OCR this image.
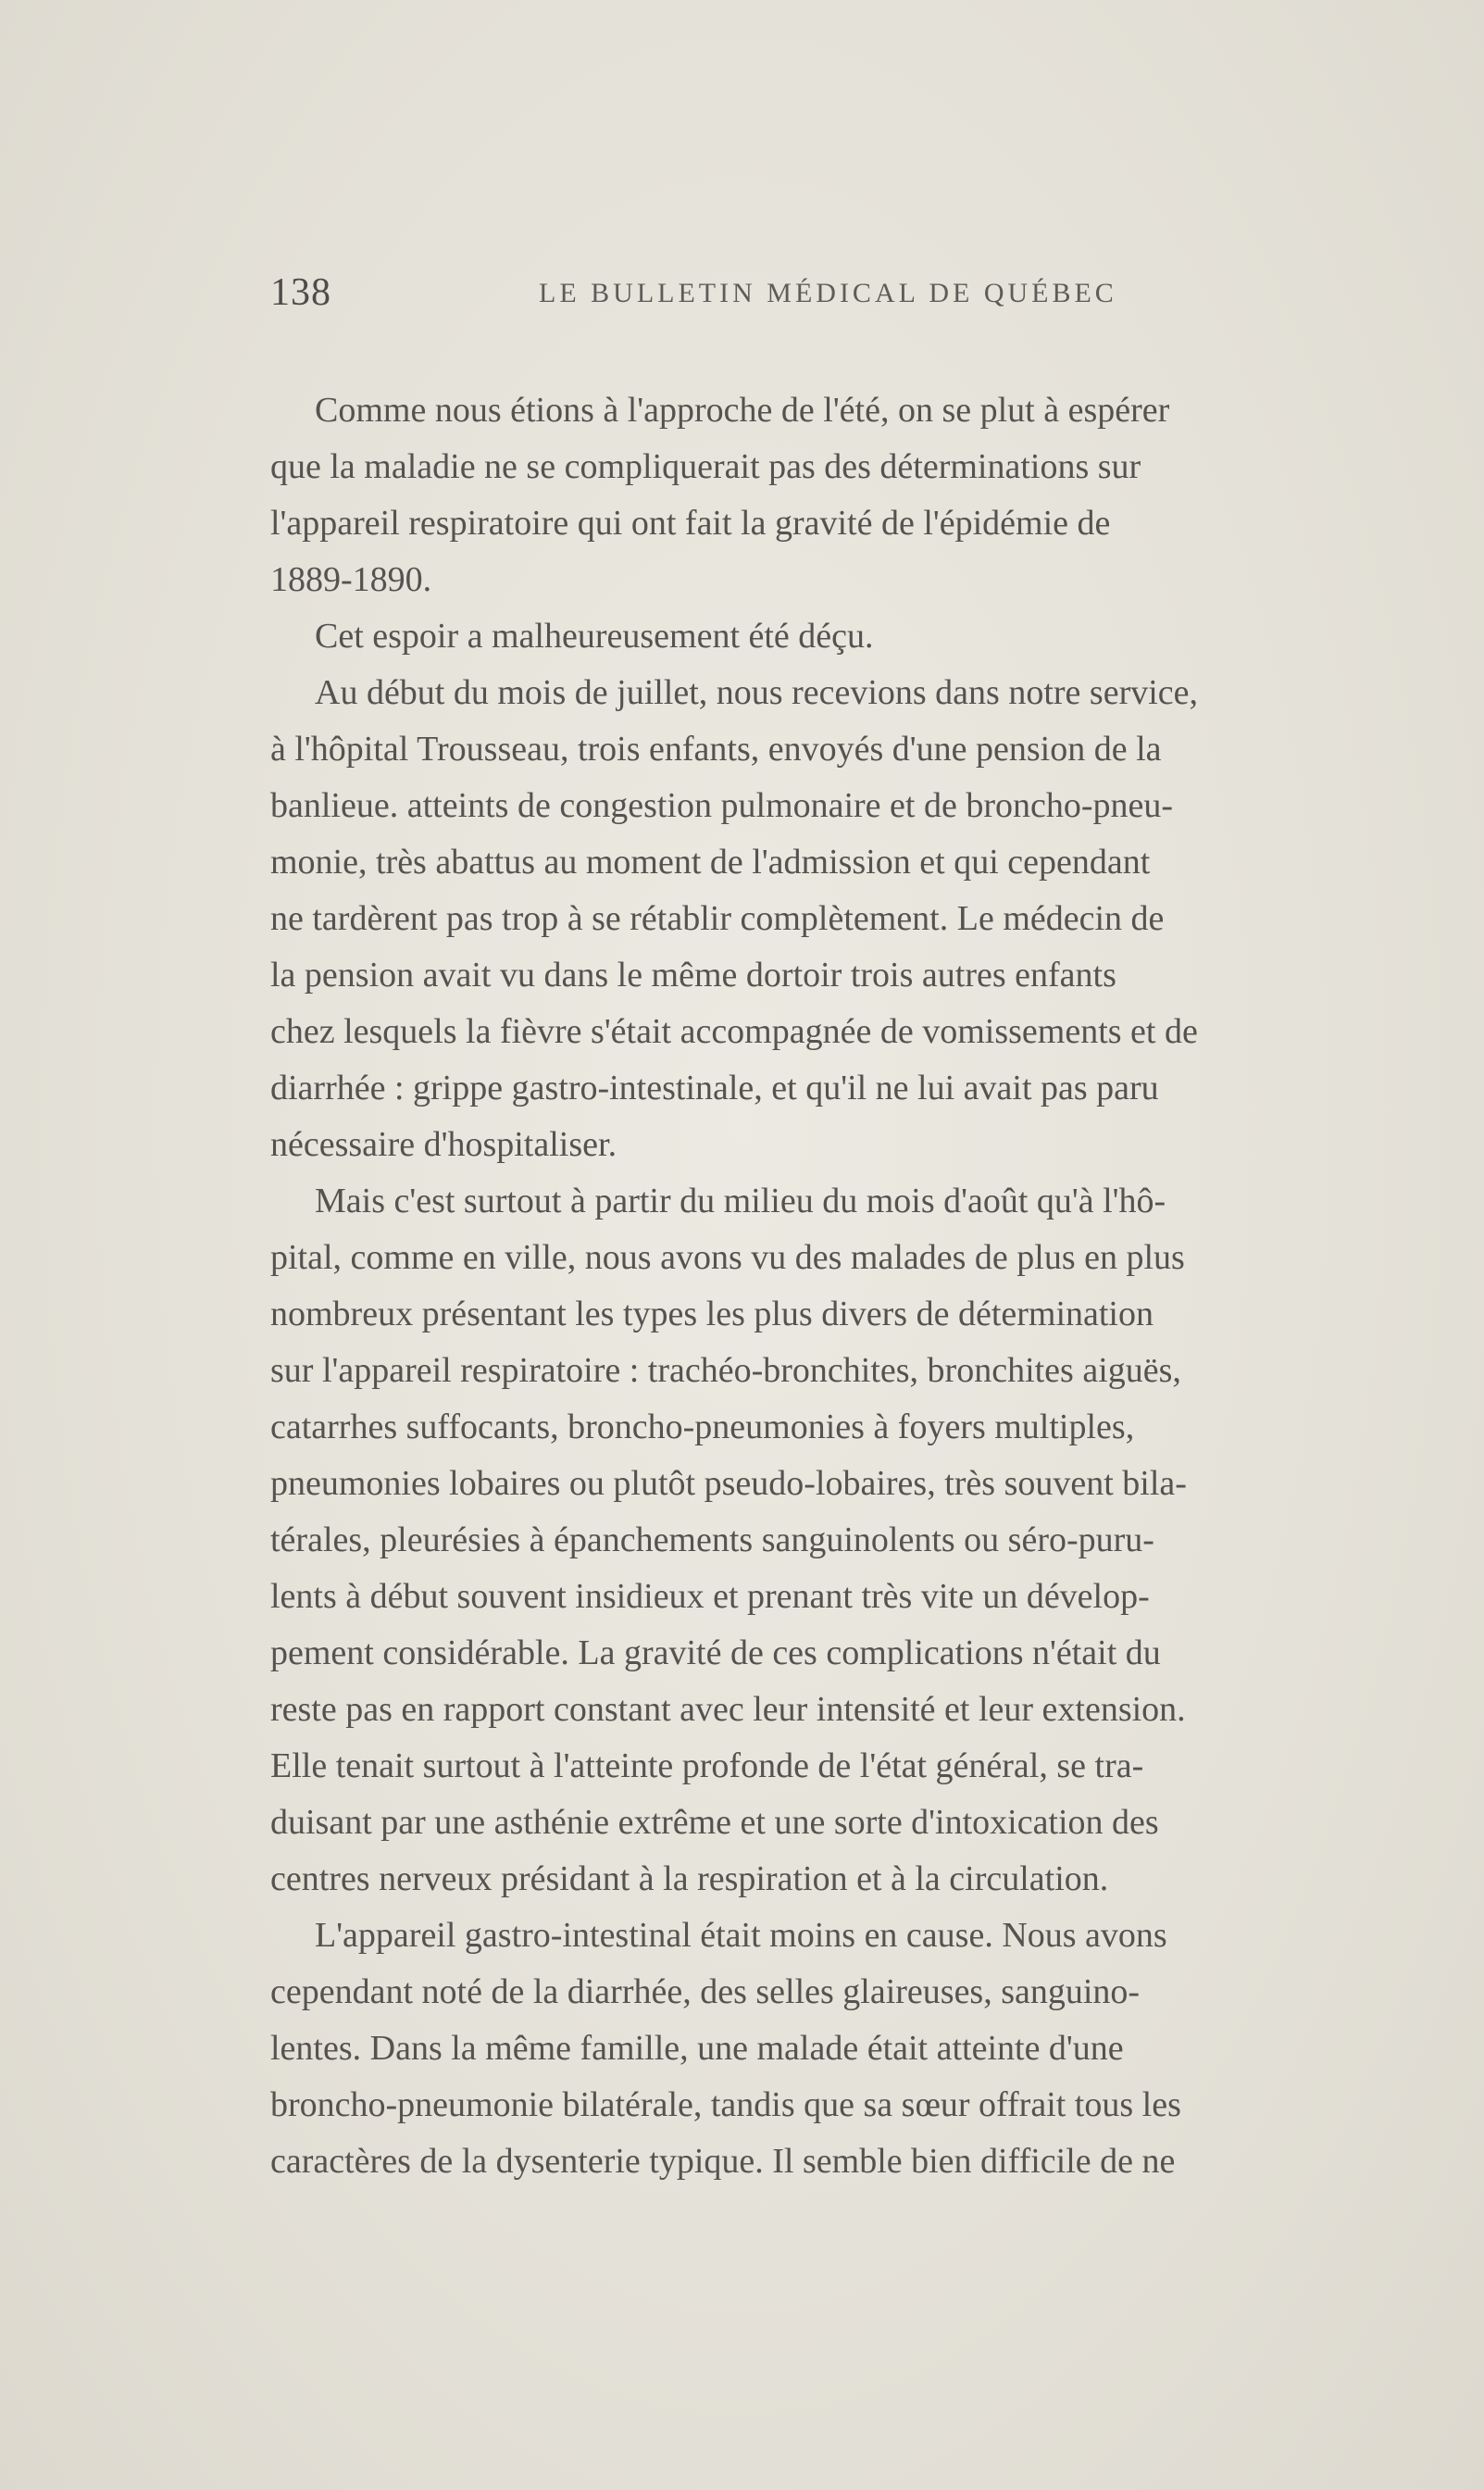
138	LE BULLETIN MÉDICAL DE QUÉBEC

Comme nous étions à l'approche de l'été, on se plut à espérer
que la maladie ne se compliquerait pas des déterminations sur
l'appareil respiratoire qui ont fait la gravité de l'épidémie de
1889-1890.

Cet espoir a malheureusement été déçu.

Au début du mois de juillet, nous recevions dans notre service,
à l'hôpital Trousseau, trois enfants, envoyés d'une pension de la
banlieue. atteints de congestion pulmonaire et de broncho-pneu-
monie, très abattus au moment de l'admission et qui cependant
ne tardèrent pas trop à se rétablir complètement. Le médecin de
la pension avait vu dans le même dortoir trois autres enfants
chez lesquels la fièvre s'était accompagnée de vomissements et de
diarrhée : grippe gastro-intestinale, et qu'il ne lui avait pas paru
nécessaire d'hospitaliser.

Mais c'est surtout à partir du milieu du mois d'août qu'à l'hô-
pital, comme en ville, nous avons vu des malades de plus en plus
nombreux présentant les types les plus divers de détermination
sur l'appareil respiratoire : trachéo-bronchites, bronchites aiguës,
catarrhes suffocants, broncho-pneumonies à foyers multiples,
pneumonies lobaires ou plutôt pseudo-lobaires, très souvent bila-
térales, pleurésies à épanchements sanguinolents ou séro-puru-
lents à début souvent insidieux et prenant très vite un dévelop-
pement considérable. La gravité de ces complications n'était du
reste pas en rapport constant avec leur intensité et leur extension.
Elle tenait surtout à l'atteinte profonde de l'état général, se tra-
duisant par une asthénie extrême et une sorte d'intoxication des
centres nerveux présidant à la respiration et à la circulation.

L'appareil gastro-intestinal était moins en cause. Nous avons
cependant noté de la diarrhée, des selles glaireuses, sanguino-
lentes. Dans la même famille, une malade était atteinte d'une
broncho-pneumonie bilatérale, tandis que sa sœur offrait tous les
caractères de la dysenterie typique. Il semble bien difficile de ne
